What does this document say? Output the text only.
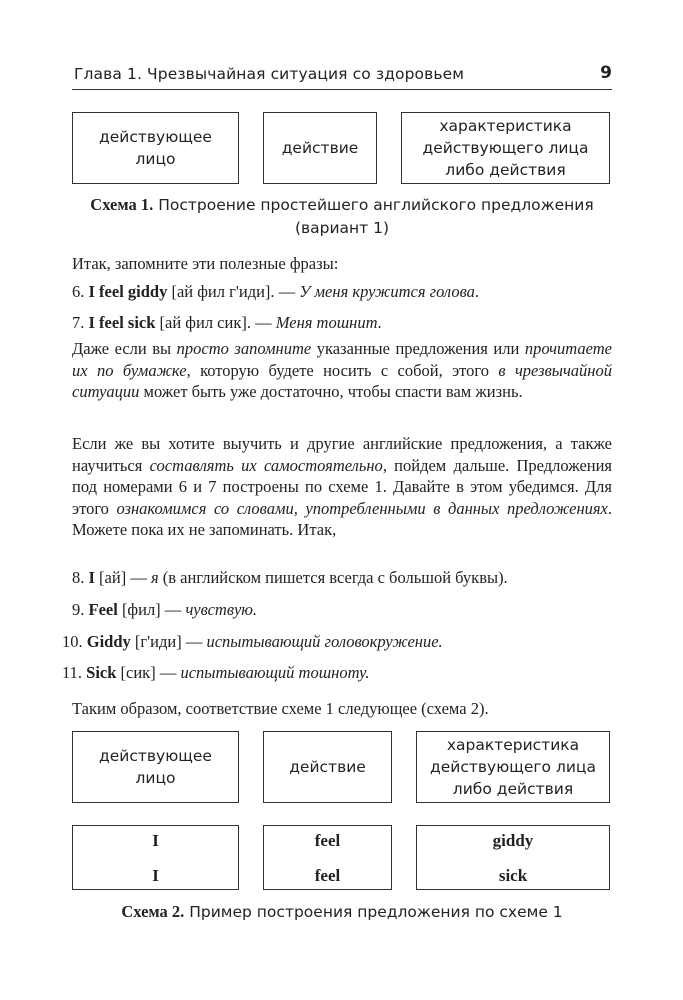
Глава 1. Чрезвычайная ситуация со здоровьем	9
действующее
лицо
действие
характеристика
действующего лица
либо действия
Схема 1. Построение простейшего английского предложения
(вариант 1)
Итак, запомните эти полезные фразы:
6. I feel giddy [ай фил г'иди]. — У меня кружится голова.
7. I feel sick [ай фил сик]. — Меня тошнит.
Даже если вы просто запомните указанные предложения или прочитаете их по бумажке, которую будете носить с собой, этого в чрезвычайной ситуации может быть уже достаточно, чтобы спасти вам жизнь.
Если же вы хотите выучить и другие английские предложения, а также научиться составлять их самостоятельно, пойдем дальше. Предложения под номерами 6 и 7 построены по схеме 1. Давайте в этом убедимся. Для этого ознакомимся со словами, употребленными в данных предложениях. Можете пока их не запоминать. Итак,
8. I [ай] — я (в английском пишется всегда с большой буквы).
9. Feel [фил] — чувствую.
10. Giddy [г'иди] — испытывающий головокружение.
11. Sick [сик] — испытывающий тошноту.
Таким образом, соответствие схеме 1 следующее (схема 2).
действующее
лицо
действие
характеристика
действующего лица
либо действия
I
I
feel
feel
giddy
sick
Схема 2. Пример построения предложения по схеме 1
